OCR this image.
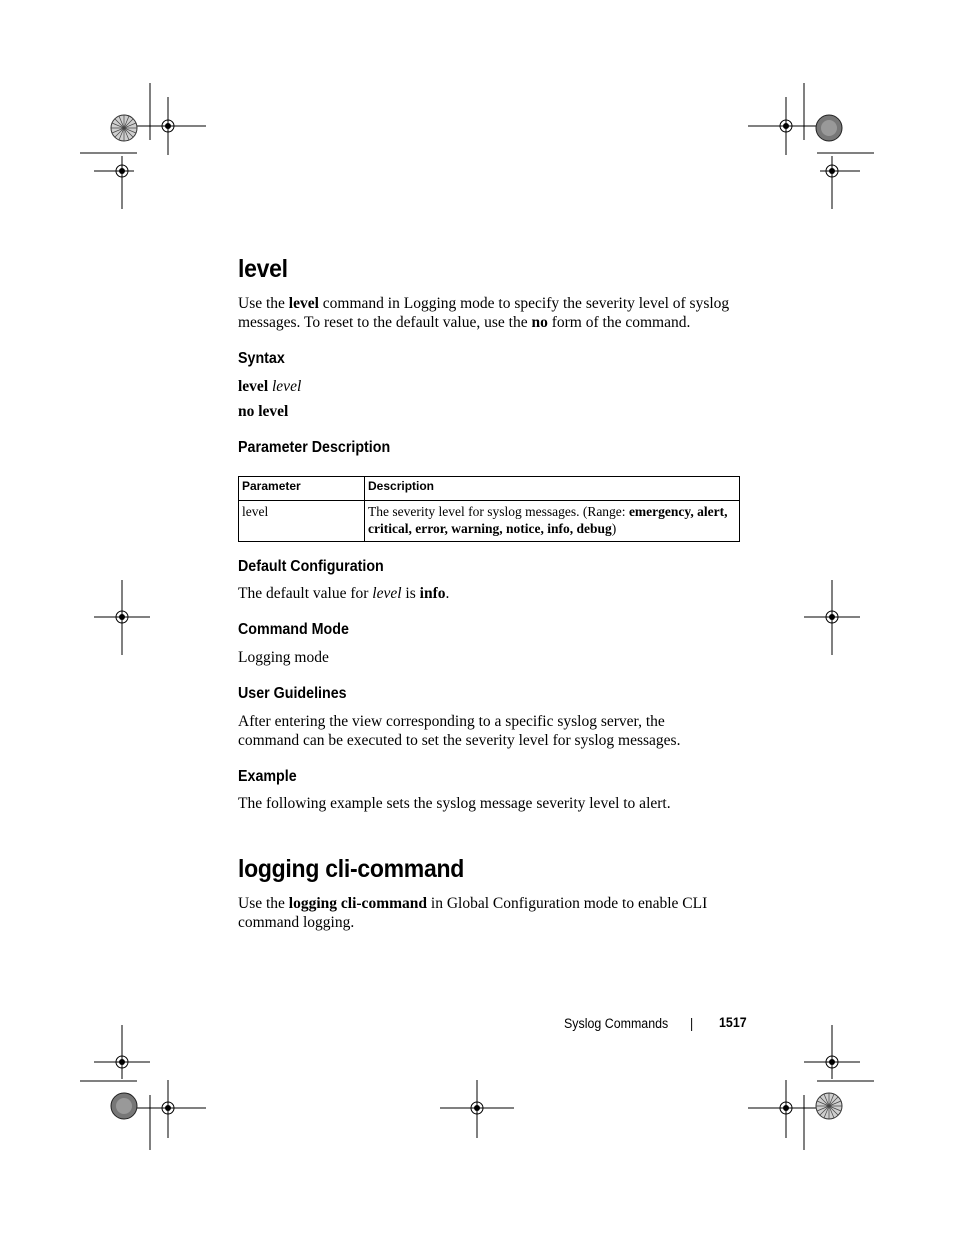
level
Use the level command in Logging mode to specify the severity level of syslog
messages. To reset to the default value, use the no form of the command.
Syntax
level level
no level
Parameter Description
Parameter	Description
level	The severity level for syslog messages. (Range: emergency, alert, critical, error, warning, notice, info, debug)
Default Configuration
The default value for level is info.
Command Mode
Logging mode
User Guidelines
After entering the view corresponding to a specific syslog server, the
command can be executed to set the severity level for syslog messages.
Example
The following example sets the syslog message severity level to alert.
logging cli-command
Use the logging cli-command in Global Configuration mode to enable CLI
command logging.
Syslog Commands | 1517
